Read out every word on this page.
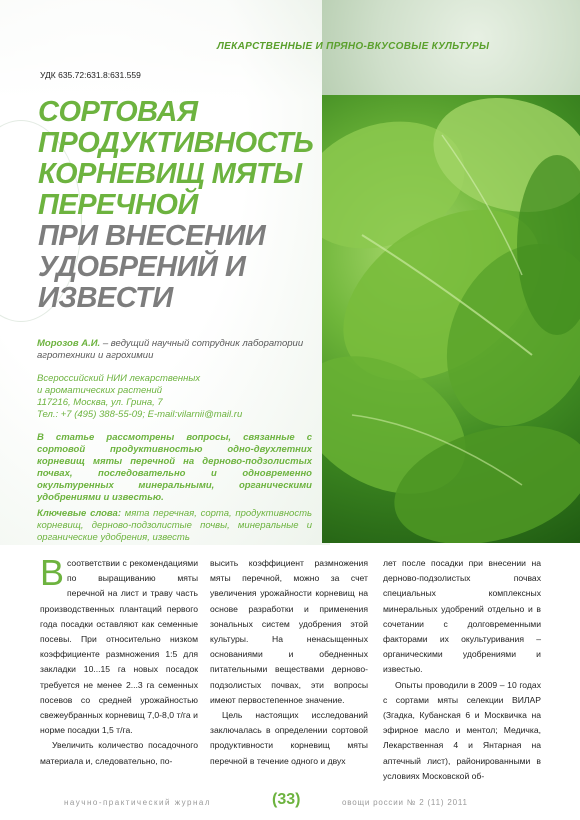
ЛЕКАРСТВЕННЫЕ И ПРЯНО-ВКУСОВЫЕ КУЛЬТУРЫ
УДК 635.72:631.8:631.559
СОРТОВАЯ
ПРОДУКТИВНОСТЬ
КОРНЕВИЩ МЯТЫ
ПЕРЕЧНОЙ
ПРИ ВНЕСЕНИИ
УДОБРЕНИЙ И
ИЗВЕСТИ
Морозов А.И. – ведущий научный сотрудник лаборатории агротехники и агрохимии
Всероссийский НИИ лекарственных
и ароматических растений
117216, Москва, ул. Грина, 7
Тел.: +7 (495) 388-55-09; E-mail:vilarnii@mail.ru
В статье рассмотрены вопросы, связанные с сортовой продуктивностью одно-двухлетних корневищ мяты перечной на дерново-подзолистых почвах, последовательно и одновременно окультуренных минеральными, органическими удобрениями и известью.
Ключевые слова: мята перечная, сорта, продуктивность корневищ, дерново-подзолистые почвы, минеральные и органические удобрения, известь

Всоответствии с рекомендациями по выращиванию мяты перечной на лист и траву часть производственных плантаций первого года посадки оставляют как семенные посевы. При относительно низком коэффициенте размножения 1:5 для закладки 10...15 га новых посадок требуется не менее 2...3 га семенных посевов со средней урожайностью свежеубранных корневищ 7,0-8,0 т/га и норме посадки 1,5 т/га.

Увеличить количество посадочного материала и, следовательно, по-

высить коэффициент размножения мяты перечной, можно за счет увеличения урожайности корневищ на основе разработки и применения зональных систем удобрения этой культуры. На ненасыщенных основаниями и обедненных питательными веществами дерново-подзолистых почвах, эти вопросы имеют первостепенное значение.

Цель настоящих исследований заключалась в определении сортовой продуктивности корневищ мяты перечной в течение одного и двух

лет после посадки при внесении на дерново-подзолистых почвах специальных комплексных минеральных удобрений отдельно и в сочетании с долговременными факторами их окультуривания – органическими удобрениями и известью.

Опыты проводили в 2009 – 10 годах с сортами мяты селекции ВИЛАР (Згадка, Кубанская 6 и Москвичка на эфирное масло и ментол; Медичка, Лекарственная 4 и Янтарная на аптечный лист), районированными в условиях Московской об-

научно-практический журнал	(33)	овощи россии № 2 (11) 2011
